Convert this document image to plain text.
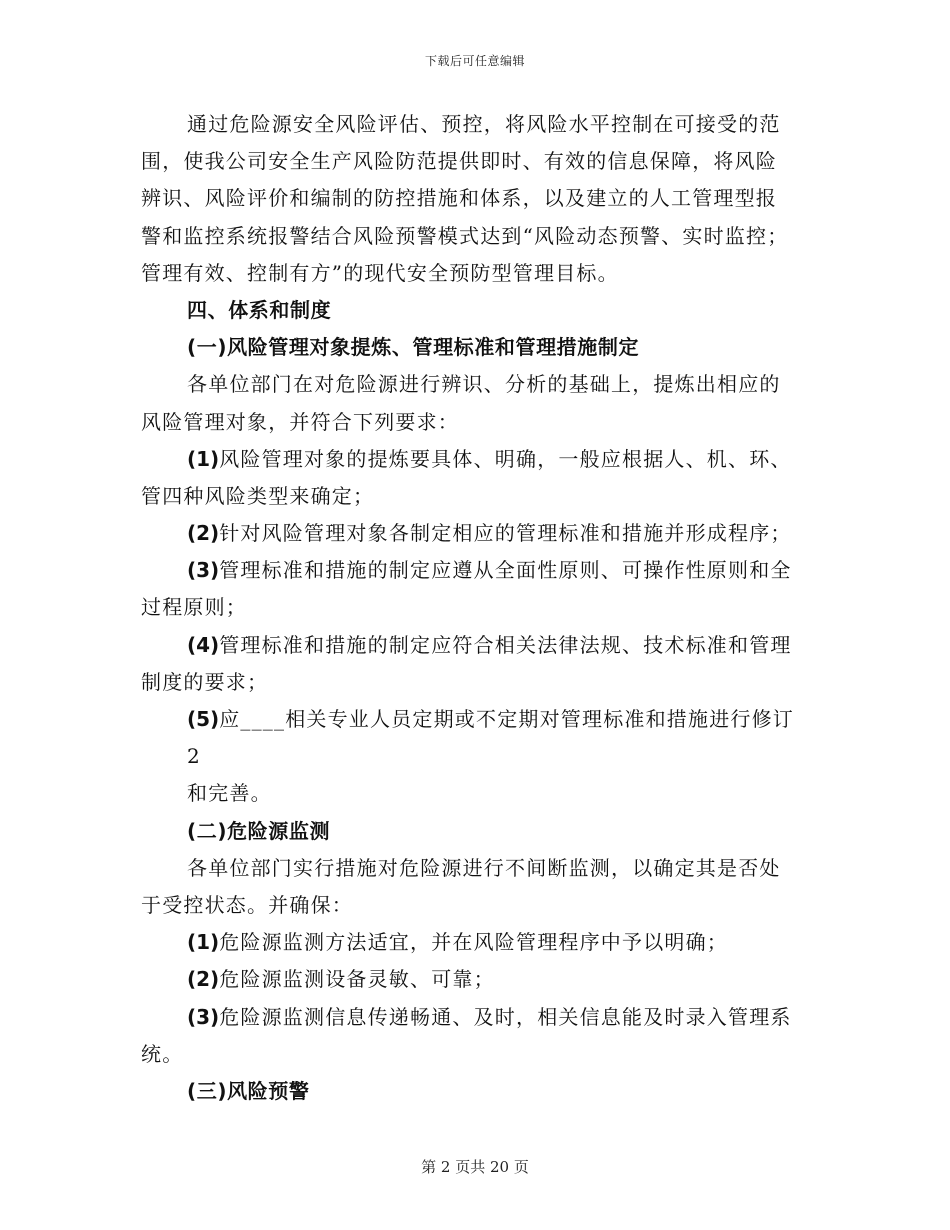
下载后可任意编辑
通过危险源安全风险评估、预控，将风险水平控制在可接受的范
围，使我公司安全生产风险防范提供即时、有效的信息保障，将风险
辨识、风险评价和编制的防控措施和体系，以及建立的人工管理型报
警和监控系统报警结合风险预警模式达到“风险动态预警、实时监控；
管理有效、控制有方”的现代安全预防型管理目标。
四、体系和制度
(一)风险管理对象提炼、管理标准和管理措施制定
各单位部门在对危险源进行辨识、分析的基础上，提炼出相应的
风险管理对象，并符合下列要求：
(1)风险管理对象的提炼要具体、明确，一般应根据人、机、环、
管四种风险类型来确定；
(2)针对风险管理对象各制定相应的管理标准和措施并形成程序；
(3)管理标准和措施的制定应遵从全面性原则、可操作性原则和全
过程原则；
(4)管理标准和措施的制定应符合相关法律法规、技术标准和管理
制度的要求；
(5)应____相关专业人员定期或不定期对管理标准和措施进行修订
2
和完善。
(二)危险源监测
各单位部门实行措施对危险源进行不间断监测，以确定其是否处
于受控状态。并确保：
(1)危险源监测方法适宜，并在风险管理程序中予以明确；
(2)危险源监测设备灵敏、可靠；
(3)危险源监测信息传递畅通、及时，相关信息能及时录入管理系
统。
(三)风险预警
第 2 页共 20 页
